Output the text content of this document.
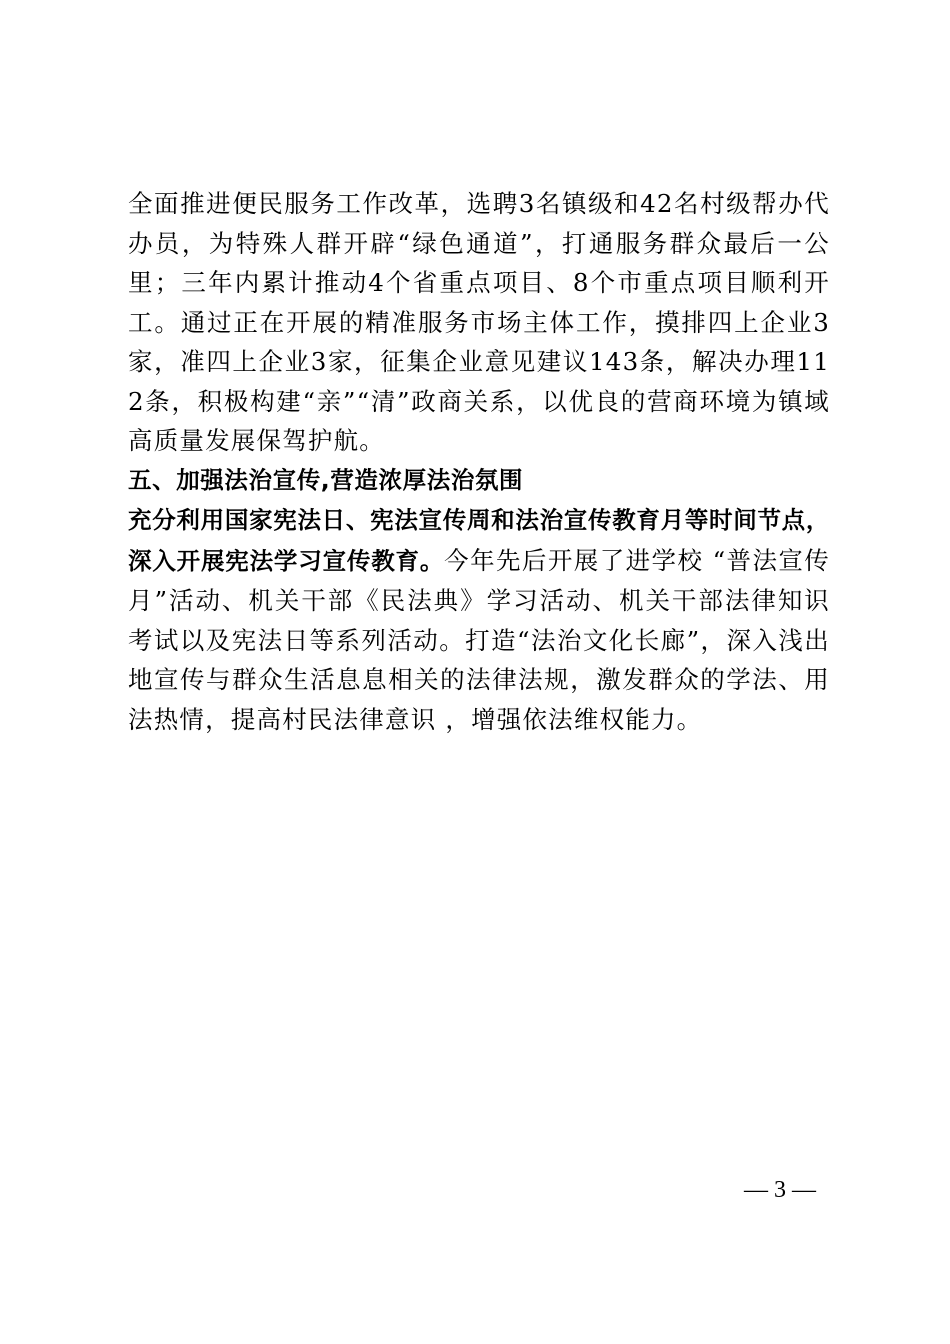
全面推进便民服务工作改革，选聘3名镇级和42名村级帮办代办员，为特殊人群开辟“绿色通道”，打通服务群众最后一公里；三年内累计推动4个省重点项目、8个市重点项目顺利开工。通过正在开展的精准服务市场主体工作，摸排四上企业3家，准四上企业3家，征集企业意见建议143条，解决办理112条，积极构建“亲”“清”政商关系，以优良的营商环境为镇域高质量发展保驾护航。

五、加强法治宣传,营造浓厚法治氛围

充分利用国家宪法日、宪法宣传周和法治宣传教育月等时间节点，深入开展宪法学习宣传教育。今年先后开展了进学校 “普法宣传月”活动、机关干部《民法典》学习活动、机关干部法律知识考试以及宪法日等系列活动。打造“法治文化长廊”，深入浅出地宣传与群众生活息息相关的法律法规，激发群众的学法、用法热情，提高村民法律意识 ，增强依法维权能力。

— 3 —
